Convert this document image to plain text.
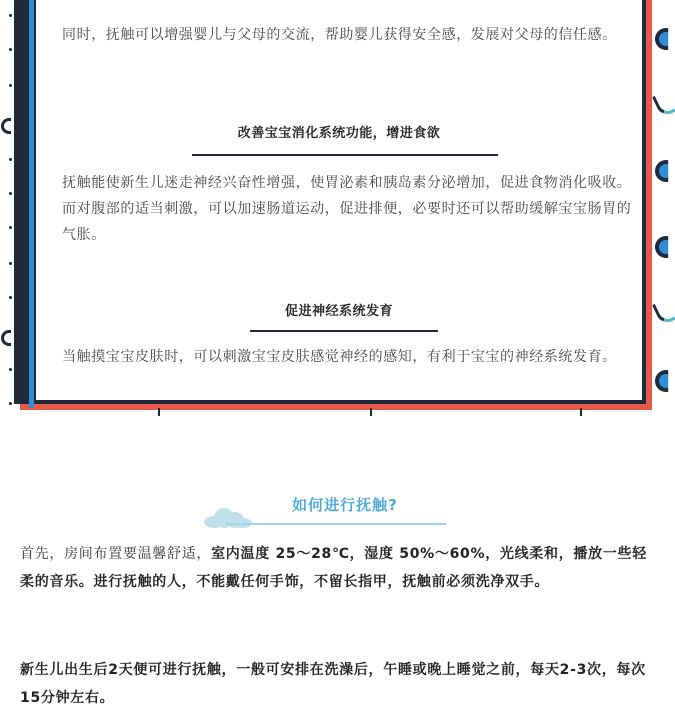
同时，抚触可以增强婴儿与父母的交流，帮助婴儿获得安全感，发展对父母的信任感。

改善宝宝消化系统功能，增进食欲

抚触能使新生儿迷走神经兴奋性增强，使胃泌素和胰岛素分泌增加，促进食物消化吸收。而对腹部的适当刺激，可以加速肠道运动，促进排便，必要时还可以帮助缓解宝宝肠胃的气胀。

促进神经系统发育

当触摸宝宝皮肤时，可以刺激宝宝皮肤感觉神经的感知，有利于宝宝的神经系统发育。

如何进行抚触?

首先，房间布置要温馨舒适，室内温度 25～28℃，湿度 50%～60%，光线柔和，播放一些轻柔的音乐。进行抚触的人，不能戴任何手饰，不留长指甲，抚触前必须洗净双手。

新生儿出生后2天便可进行抚触，一般可安排在洗澡后，午睡或晚上睡觉之前，每天2-3次，每次15分钟左右。
